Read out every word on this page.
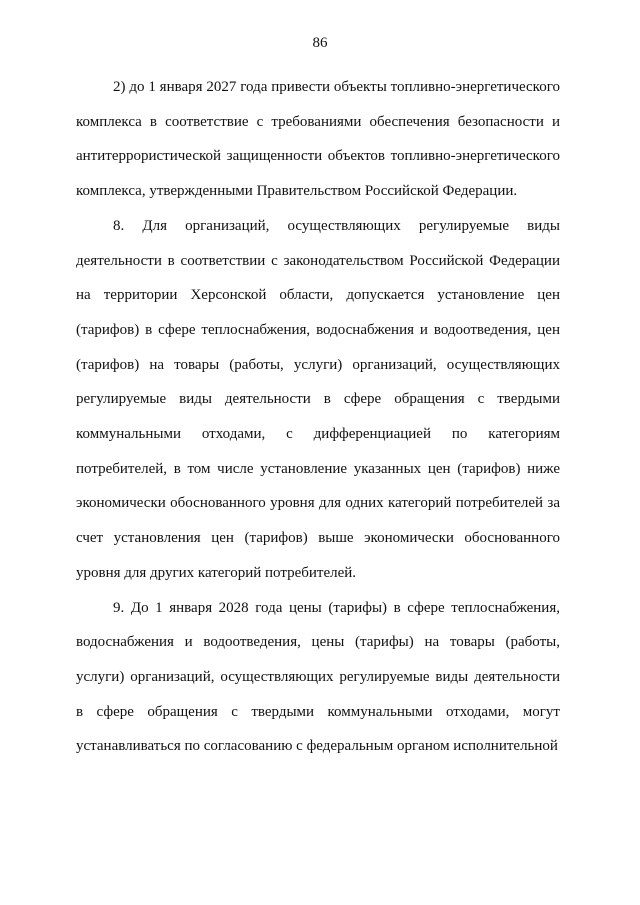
86

2) до 1 января 2027 года привести объекты топливно-энергетического комплекса в соответствие с требованиями обеспечения безопасности и антитеррористической защищенности объектов топливно-энергетического комплекса, утвержденными Правительством Российской Федерации.

8. Для организаций, осуществляющих регулируемые виды деятельности в соответствии с законодательством Российской Федерации на территории Херсонской области, допускается установление цен (тарифов) в сфере теплоснабжения, водоснабжения и водоотведения, цен (тарифов) на товары (работы, услуги) организаций, осуществляющих регулируемые виды деятельности в сфере обращения с твердыми коммунальными отходами, с дифференциацией по категориям потребителей, в том числе установление указанных цен (тарифов) ниже экономически обоснованного уровня для одних категорий потребителей за счет установления цен (тарифов) выше экономически обоснованного уровня для других категорий потребителей.

9. До 1 января 2028 года цены (тарифы) в сфере теплоснабжения, водоснабжения и водоотведения, цены (тарифы) на товары (работы, услуги) организаций, осуществляющих регулируемые виды деятельности в сфере обращения с твердыми коммунальными отходами, могут устанавливаться по согласованию с федеральным органом исполнительной
